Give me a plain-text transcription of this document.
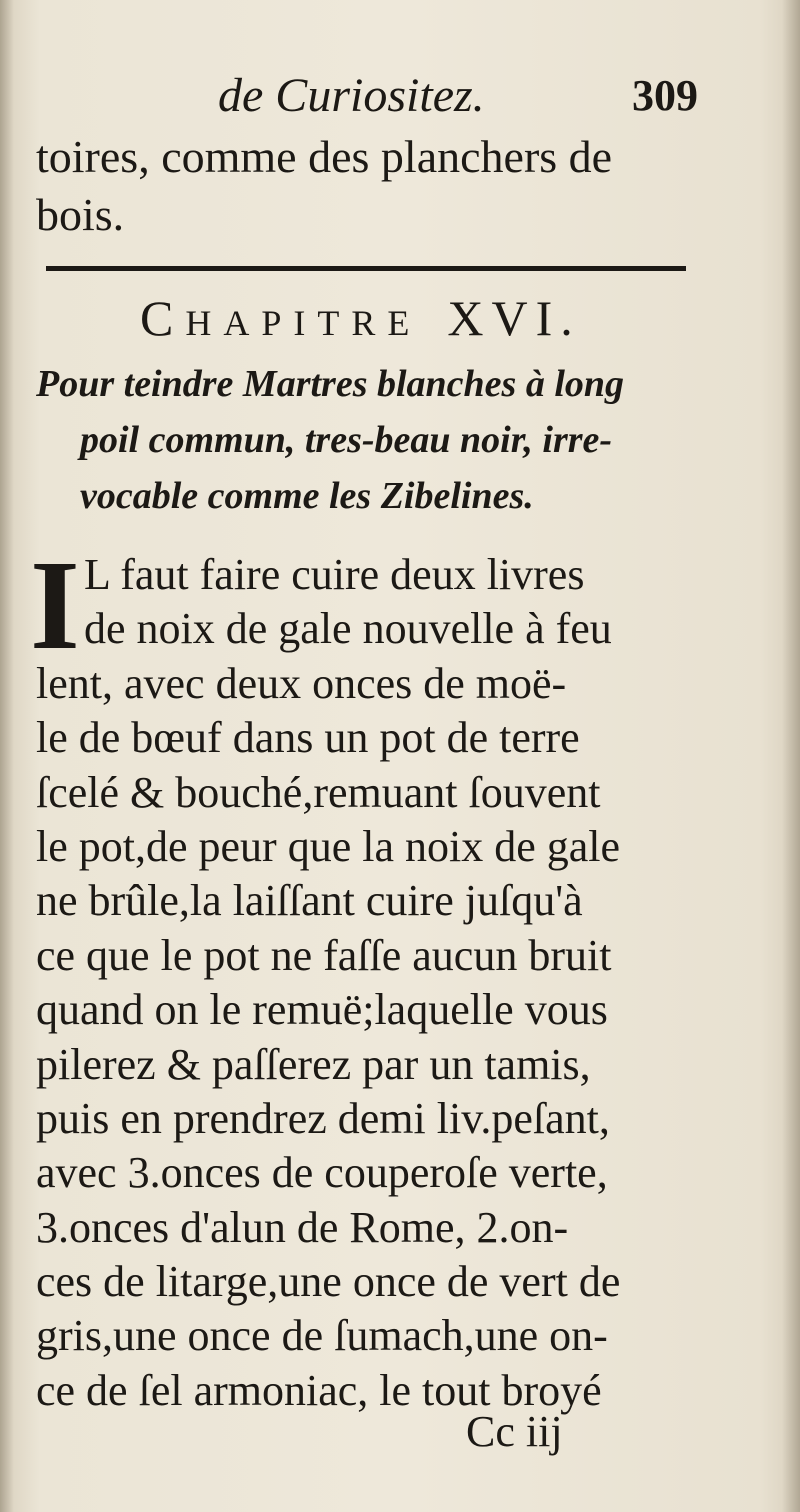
de Curiositez.	309
toires, comme des planchers de
bois.
CHAPITRE XVI.
Pour teindre Martres blanches à long
poil commun, tres-beau noir, irre-
vocable comme les Zibelines.
I L faut faire cuire deux livres
de noix de gale nouvelle à feu
lent, avec deux onces de moë-
le de bœuf dans un pot de terre
ſcelé & bouché,remuant ſouvent
le pot,de peur que la noix de gale
ne brûle,la laiſſant cuire juſqu'à
ce que le pot ne faſſe aucun bruit
quand on le remuë;laquelle vous
pilerez & paſſerez par un tamis,
puis en prendrez demi liv.peſant,
avec 3.onces de couperoſe verte,
3.onces d'alun de Rome, 2.on-
ces de litarge,une once de vert de
gris,une once de ſumach,une on-
ce de ſel armoniac, le tout broyé
Cc iij
